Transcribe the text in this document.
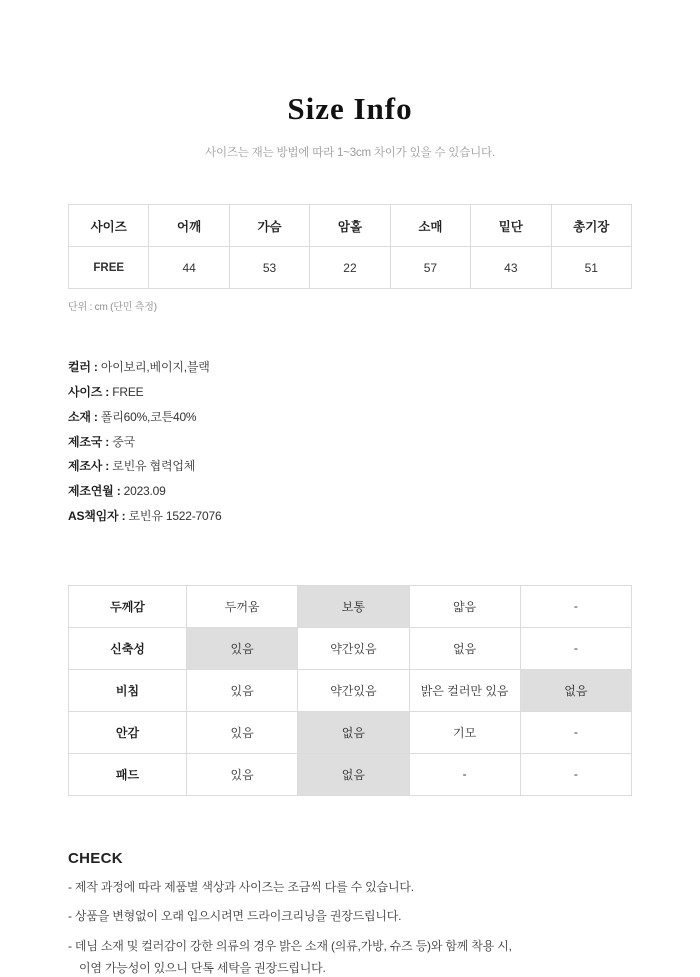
Size Info

사이즈는 재는 방법에 따라 1~3cm 차이가 있을 수 있습니다.

사이즈	어깨	가슴	암홀	소매	밑단	총기장
FREE	44	53	22	57	43	51
단위 : cm (단민 측정)
컬러 : 아이보리,베이지,블랙
사이즈 : FREE
소재 : 폴리60%,코튼40%
제조국 : 중국
제조사 : 로빈유 협력업체
제조연월 : 2023.09
AS책임자 : 로빈유 1522-7076
두께감	두꺼움	보통	얇음	-
신축성	있음	약간있음	없음	-
비침	있음	약간있음	밝은 컬러만 있음	없음
안감	있음	없음	기모	-
패드	있음	없음	-	-
CHECK
- 제작 과정에 따라 제품별 색상과 사이즈는 조금씩 다를 수 있습니다.
- 상품을 변형없이 오래 입으시려면 드라이크리닝을 권장드립니다.
- 데님 소재 및 컬러감이 강한 의류의 경우 밝은 소재 (의류,가방, 슈즈 등)와 함께 착용 시,
이염 가능성이 있으니 단톡 세탁을 권장드립니다.
